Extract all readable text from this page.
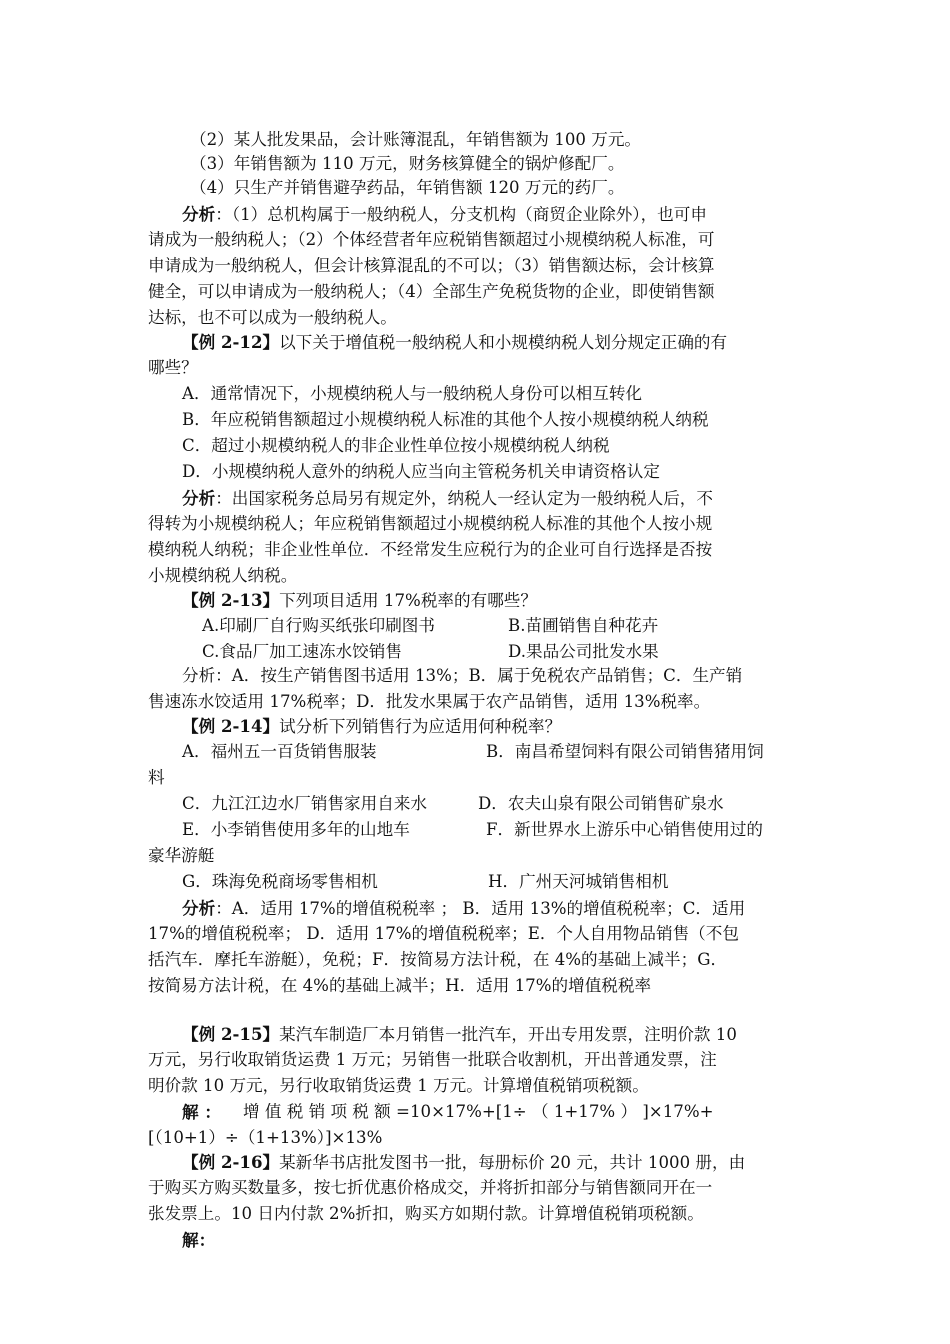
（2）某人批发果品，会计账簿混乱，年销售额为 100 万元。
（3）年销售额为 110 万元，财务核算健全的锅炉修配厂。
（4）只生产并销售避孕药品，年销售额 120 万元的药厂。
分析：（1）总机构属于一般纳税人，分支机构（商贸企业除外），也可申
请成为一般纳税人；（2）个体经营者年应税销售额超过小规模纳税人标准，可
申请成为一般纳税人，但会计核算混乱的不可以；（3）销售额达标，会计核算
健全，可以申请成为一般纳税人；（4）全部生产免税货物的企业，即使销售额
达标，也不可以成为一般纳税人。
【例 2-12】以下关于增值税一般纳税人和小规模纳税人划分规定正确的有
哪些？
A．通常情况下，小规模纳税人与一般纳税人身份可以相互转化
B．年应税销售额超过小规模纳税人标准的其他个人按小规模纳税人纳税
C．超过小规模纳税人的非企业性单位按小规模纳税人纳税
D．小规模纳税人意外的纳税人应当向主管税务机关申请资格认定
分析：出国家税务总局另有规定外，纳税人一经认定为一般纳税人后，不
得转为小规模纳税人；年应税销售额超过小规模纳税人标准的其他个人按小规
模纳税人纳税；非企业性单位．不经常发生应税行为的企业可自行选择是否按
小规模纳税人纳税。
【例 2-13】下列项目适用 17%税率的有哪些？
A.印刷厂自行购买纸张印刷图书	B.苗圃销售自种花卉
C.食品厂加工速冻水饺销售	D.果品公司批发水果
分析：A．按生产销售图书适用 13%；B．属于免税农产品销售；C．生产销
售速冻水饺适用 17%税率；D．批发水果属于农产品销售，适用 13%税率。
【例 2-14】试分析下列销售行为应适用何种税率？
A．福州五一百货销售服装	B．南昌希望饲料有限公司销售猪用饲
料
C．九江江边水厂销售家用自来水	D．农夫山泉有限公司销售矿泉水
E．小李销售使用多年的山地车	F．新世界水上游乐中心销售使用过的
豪华游艇
G．珠海免税商场零售相机	H．广州天河城销售相机
分析：A．适用 17%的增值税税率 ； B．适用 13%的增值税税率；C．适用
17%的增值税税率； D．适用 17%的增值税税率；E．个人自用物品销售（不包
括汽车．摩托车游艇），免税；F．按简易方法计税，在 4%的基础上减半；G．
按简易方法计税，在 4%的基础上减半；H．适用 17%的增值税税率
【例 2-15】某汽车制造厂本月销售一批汽车，开出专用发票，注明价款 10
万元，另行收取销货运费 1 万元；另销售一批联合收割机，开出普通发票，注
明价款 10 万元，另行收取销货运费 1 万元。计算增值税销项税额。
解 ： 增 值 税 销 项 税 额 =10×17%+[1÷ （ 1+17% ） ]×17%+
[（10+1）÷（1+13%）]×13%
【例 2-16】某新华书店批发图书一批，每册标价 20 元，共计 1000 册，由
于购买方购买数量多，按七折优惠价格成交，并将折扣部分与销售额同开在一
张发票上。10 日内付款 2%折扣，购买方如期付款。计算增值税销项税额。
解：
